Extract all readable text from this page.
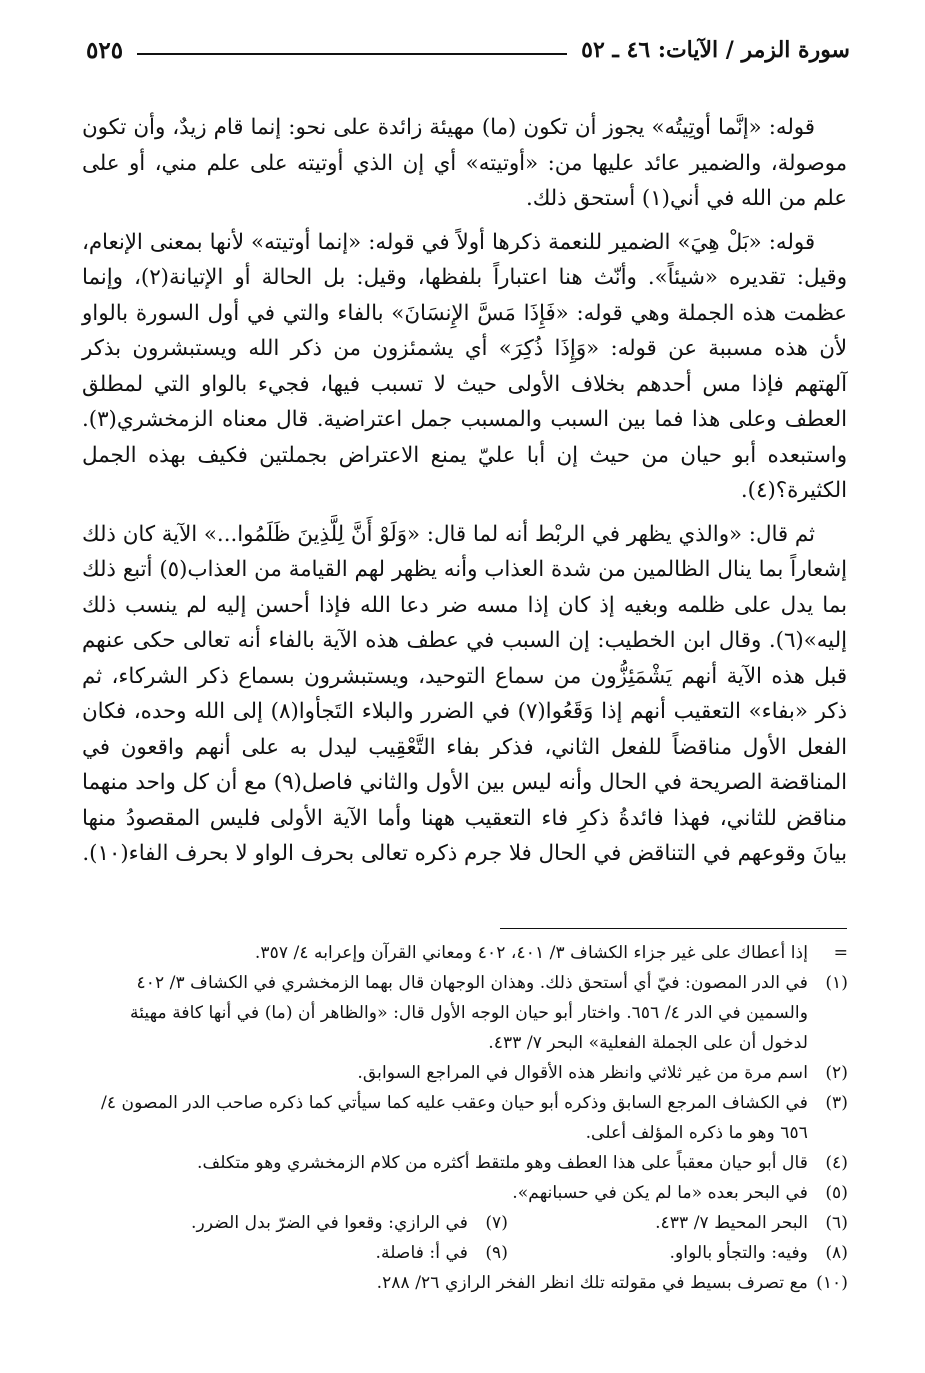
سورة الزمر / الآيات: ٤٦ ـ ٥٢
٥٢٥

قوله: «إنَّما أوتِيتُه» يجوز أن تكون (ما) مهيئة زائدة على نحو: إنما قام زيدٌ، وأن تكون موصولة، والضمير عائد عليها من: «أوتيته» أي إن الذي أوتيته على علم مني، أو على علم من الله في أني(١) أستحق ذلك.

قوله: «بَلْ هِيَ» الضمير للنعمة ذكرها أولاً في قوله: «إنما أوتيته» لأنها بمعنى الإنعام، وقيل: تقديره «شيئاً». وأنّث هنا اعتباراً بلفظها، وقيل: بل الحالة أو الإتيانة(٢)، وإنما عظمت هذه الجملة وهي قوله: «فَإِذَا مَسَّ الإِنسَانَ» بالفاء والتي في أول السورة بالواو لأن هذه مسببة عن قوله: «وَإِذَا ذُكِرَ» أي يشمئزون من ذكر الله ويستبشرون بذكر آلهتهم فإذا مس أحدهم بخلاف الأولى حيث لا تسبب فيها، فجيء بالواو التي لمطلق العطف وعلى هذا فما بين السبب والمسبب جمل اعتراضية. قال معناه الزمخشري(٣). واستبعده أبو حيان من حيث إن أبا عليّ يمنع الاعتراض بجملتين فكيف بهذه الجمل الكثيرة؟(٤).

ثم قال: «والذي يظهر في الربْط أنه لما قال: «وَلَوْ أَنَّ لِلَّذِينَ ظَلَمُوا...» الآية كان ذلك إشعاراً بما ينال الظالمين من شدة العذاب وأنه يظهر لهم القيامة من العذاب(٥) أتبع ذلك بما يدل على ظلمه وبغيه إذ كان إذا مسه ضر دعا الله فإذا أحسن إليه لم ينسب ذلك إليه»(٦). وقال ابن الخطيب: إن السبب في عطف هذه الآية بالفاء أنه تعالى حكى عنهم قبل هذه الآية أنهم يَشْمَئِزُّون من سماع التوحيد، ويستبشرون بسماع ذكر الشركاء، ثم ذكر «بفاء» التعقيب أنهم إذا وَقَعُوا(٧) في الضرر والبلاء التَجأوا(٨) إلى الله وحده، فكان الفعل الأول مناقضاً للفعل الثاني، فذكر بفاء التَّعْقِيب ليدل به على أنهم واقعون في المناقضة الصريحة في الحال وأنه ليس بين الأول والثاني فاصل(٩) مع أن كل واحد منهما مناقض للثاني، فهذا فائدةُ ذكرِ فاء التعقيب ههنا وأما الآية الأولى فليس المقصودُ منها بيانَ وقوعهم في التناقض في الحال فلا جرم ذكره تعالى بحرف الواو لا بحرف الفاء(١٠).

=
إذا أعطاك على غير جزاء الكشاف ٣/ ٤٠١، ٤٠٢ ومعاني القرآن وإعرابه ٤/ ٣٥٧.
(١)
في الدر المصون: فيّ أي أستحق ذلك. وهذان الوجهان قال بهما الزمخشري في الكشاف ٣/ ٤٠٢ والسمين في الدر ٤/ ٦٥٦. واختار أبو حيان الوجه الأول قال: «والظاهر أن (ما) في أنها كافة مهيئة لدخول أن على الجملة الفعلية» البحر ٧/ ٤٣٣.
(٢)
اسم مرة من غير ثلاثي وانظر هذه الأقوال في المراجع السوابق.
(٣)
في الكشاف المرجع السابق وذكره أبو حيان وعقب عليه كما سيأتي كما ذكره صاحب الدر المصون ٤/ ٦٥٦ وهو ما ذكره المؤلف أعلى.
(٤)
قال أبو حيان معقباً على هذا العطف وهو ملتقط أكثره من كلام الزمخشري وهو متكلف.
(٥)
في البحر بعده «ما لم يكن في حسبانهم».
(٦)
البحر المحيط ٧/ ٤٣٣.
(٧)
في الرازي: وقعوا في الضرّ بدل الضرر.
(٨)
وفيه: والتجأو بالواو.
(٩)
في أ: فاصلة.
(١٠)
مع تصرف بسيط في مقولته تلك انظر الفخر الرازي ٢٦/ ٢٨٨.
